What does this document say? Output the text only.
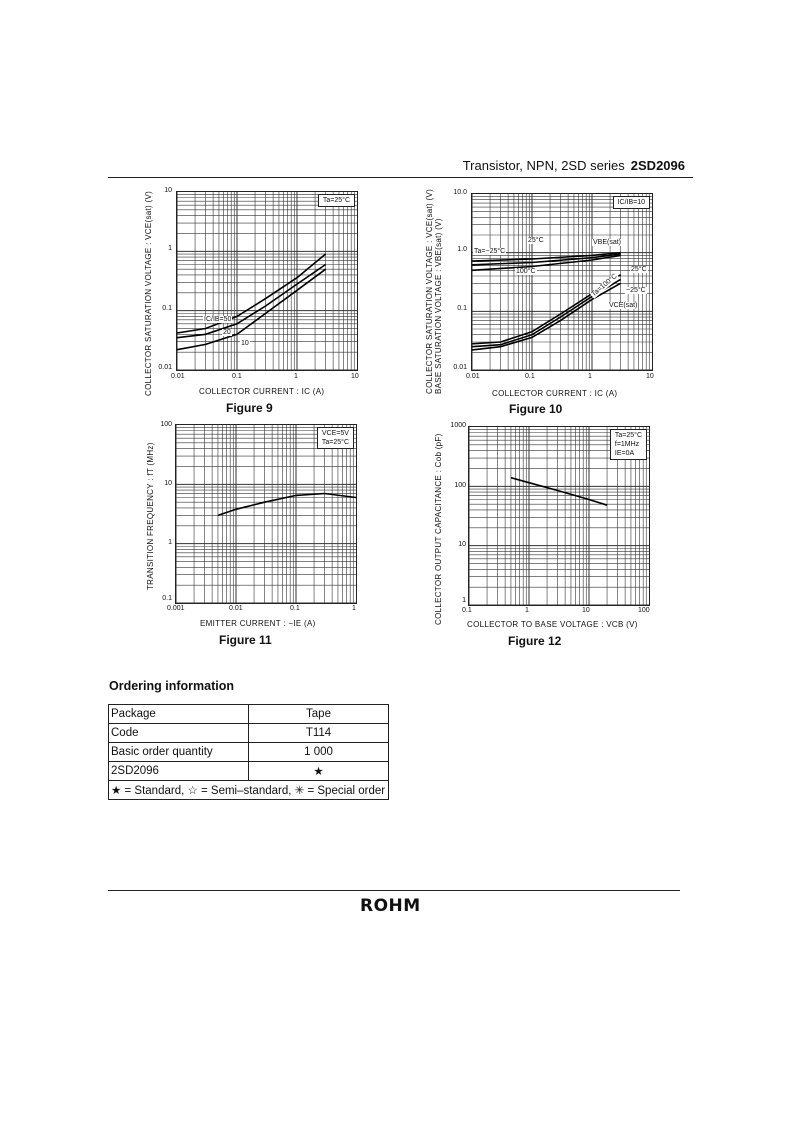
Transistor, NPN, 2SD series 2SD2096
COLLECTOR SATURATION VOLTAGE : VCE(sat) (V)	Ta=25°C
10
1
0.1
0.01
0.01	0.1	1	10
IC/IB=50
20
10
COLLECTOR CURRENT : IC (A)
Figure 9
COLLECTOR SATURATION VOLTAGE : VCE(sat) (V) BASE SATURATION VOLTAGE : VBE(sat) (V)
IC/IB=10
10.0
1.0
0.1
0.01
0.01	0.1	1	10
Ta=−25°C
25°C
100°C
VBE(sat)
Ta=100°C
25°C
−25°C
VCE(sat)
COLLECTOR CURRENT : IC (A)
Figure 10
TRANSITION FREQUENCY : fT (MHz)
VCE=5V
Ta=25°C
100
10
1
0.1
0.001	0.01	0.1	1
EMITTER CURRENT : −IE (A)
Figure 11
COLLECTOR OUTPUT CAPACITANCE : Cob (pF)	Ta=25°C
f=1MHz
IE=0A
1000
100
10
1
0.1	1	10	100
COLLECTOR TO BASE VOLTAGE : VCB (V)
Figure 12
Ordering information
Package	Tape
Code	T114
Basic order quantity	1 000
2SD2096	★
★ = Standard, ☆ = Semi–standard, ✳ = Special order	
ROHM
